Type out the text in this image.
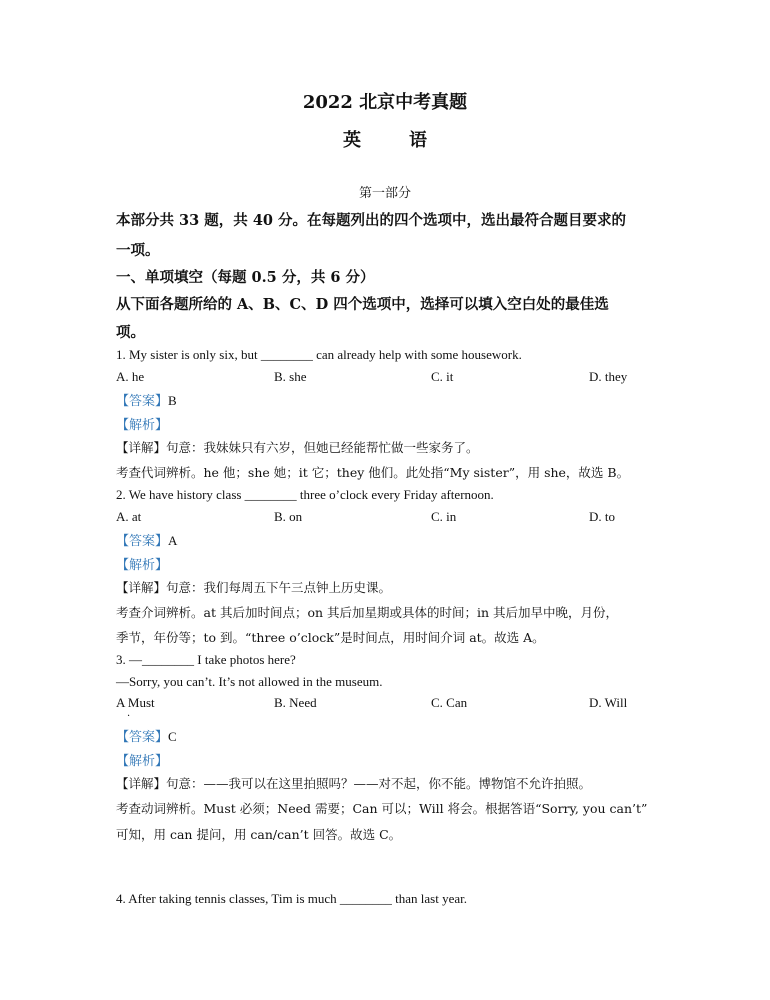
2022 北京中考真题
英	语
第一部分
本部分共 33 题，共 40 分。在每题列出的四个选项中，选出最符合题目要求的
一项。
一、单项填空（每题 0.5 分，共 6 分）
从下面各题所给的 A、B、C、D 四个选项中，选择可以填入空白处的最佳选
项。
1. My sister is only six, but ________ can already help with some housework.
A. he	B. she	C. it	D. they
【答案】B
【解析】
【详解】句意：我妹妹只有六岁，但她已经能帮忙做一些家务了。
考查代词辨析。he 他；she 她；it 它；they 他们。此处指“My sister”，用 she，故选 B。
2. We have history class ________ three o’clock every Friday afternoon.
A. at	B. on	C. in	D. to
【答案】A
【解析】
【详解】句意：我们每周五下午三点钟上历史课。
考查介词辨析。at 其后加时间点；on 其后加星期或具体的时间；in 其后加早中晚，月份，
季节，年份等；to 到。“three o’clock”是时间点，用时间介词 at。故选 A。
3. —________ I take photos here?
—Sorry, you can’t. It’s not allowed in the museum.
A Must
·
B. Need	C. Can	D. Will
【答案】C
【解析】
【详解】句意：——我可以在这里拍照吗？——对不起，你不能。博物馆不允许拍照。
考查动词辨析。Must 必须；Need 需要；Can 可以；Will 将会。根据答语“Sorry, you can’t”
可知，用 can 提问，用 can/can’t 回答。故选 C。
4. After taking tennis classes, Tim is much ________ than last year.
